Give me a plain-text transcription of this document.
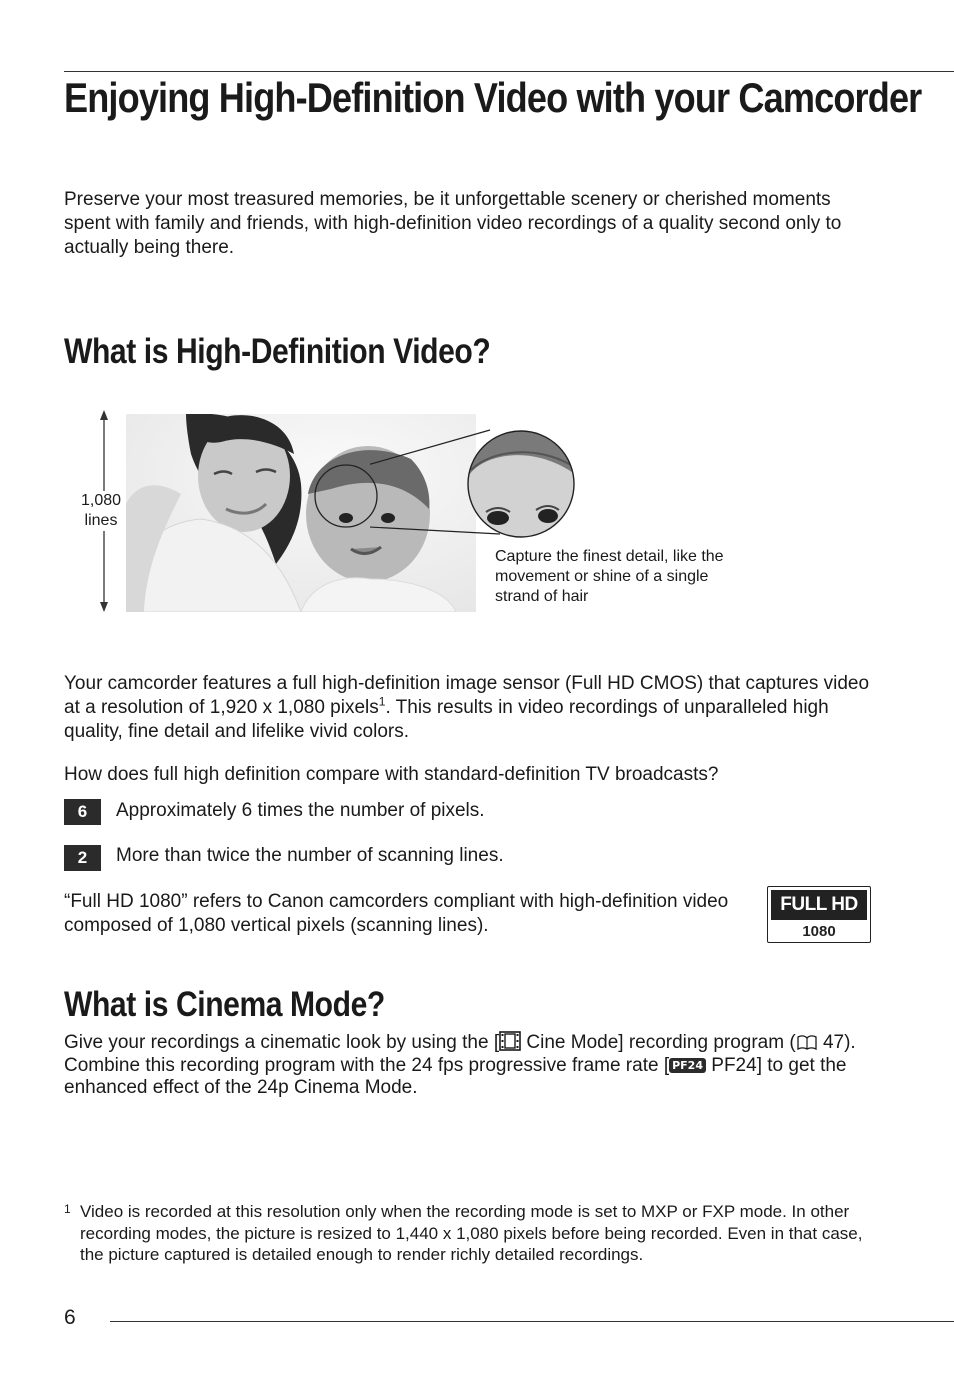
Enjoying High-Definition Video with your Camcorder

Preserve your most treasured memories, be it unforgettable scenery or cherished moments spent with family and friends, with high-definition video recordings of a quality second only to actually being there.

What is High-Definition Video?
1,080
lines
Capture the finest detail, like the movement or shine of a single strand of hair

Your camcorder features a full high-definition image sensor (Full HD CMOS) that captures video at a resolution of 1,920 x 1,080 pixels$^1$. This results in video recordings of unparalleled high quality, fine detail and lifelike vivid colors.

How does full high definition compare with standard-definition TV broadcasts?

6	Approximately 6 times the number of pixels.

2	More than twice the number of scanning lines.

“Full HD 1080” refers to Canon camcorders compliant with high-definition video composed of 1,080 vertical pixels (scanning lines).

FULL HD
1080
What is Cinema Mode?

Give your recordings a cinematic look by using the [ Cine Mode] recording program ( 47). Combine this recording program with the 24 fps progressive frame rate [ PF24 PF24] to get the enhanced effect of the 24p Cinema Mode.

1 Video is recorded at this resolution only when the recording mode is set to MXP or FXP mode. In other recording modes, the picture is resized to 1,440 x 1,080 pixels before being recorded. Even in that case, the picture captured is detailed enough to render richly detailed recordings.
6
